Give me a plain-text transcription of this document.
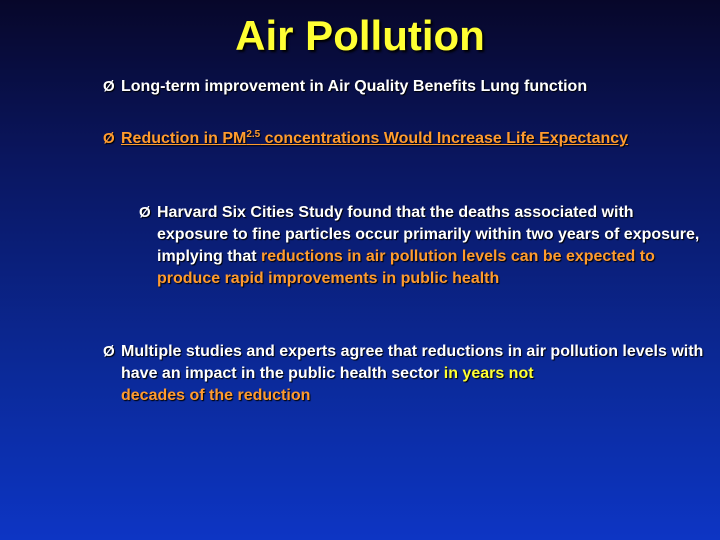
Air Pollution
Ø Long-term improvement in Air Quality Benefits Lung function
Ø Reduction in $PM^{2.5}$ concentrations Would Increase Life Expectancy
Ø Harvard Six Cities Study found that the deaths associated with exposure to fine particles occur primarily within two years of exposure, implying that reductions in air pollution levels can be expected to produce rapid improvements in public health
Ø Multiple studies and experts agree that reductions in air pollution levels with have an impact in the public health sector in years not
decades of the reduction
